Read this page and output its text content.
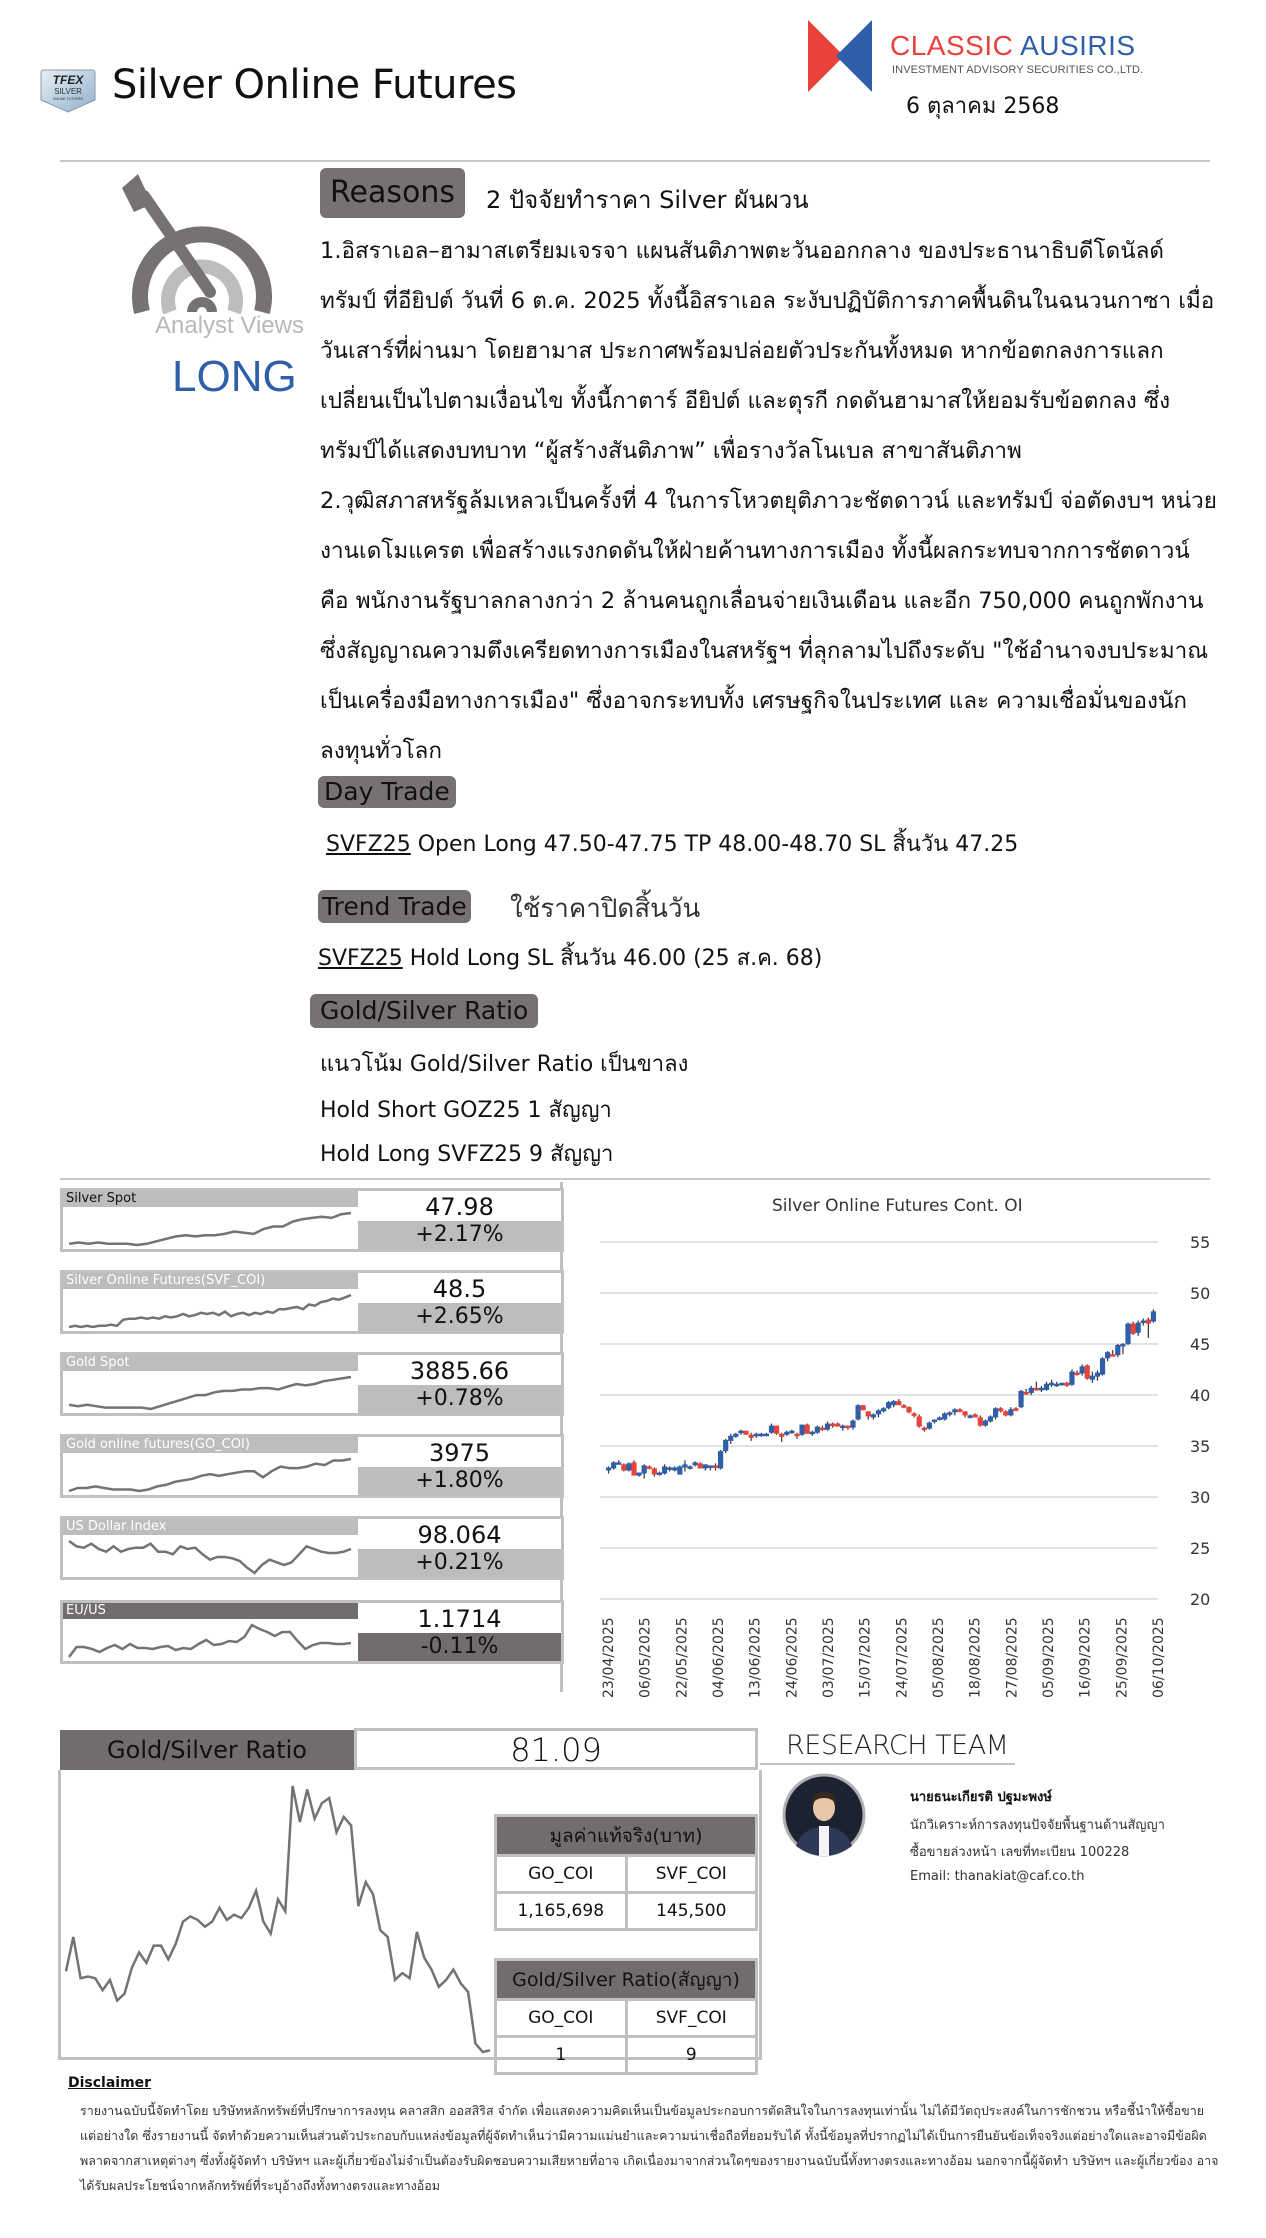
TFEX
SILVER
ONLINE FUTURES Silver Online Futures
CLASSIC AUSIRIS
INVESTMENT ADVISORY SECURITIES CO.,LTD.
6 ตุลาคม 2568
Analyst Views
LONG
Reasons	2 ปัจจัยทำราคา Silver ผันผวน

1.อิสราเอล–ฮามาสเตรียมเจรจา แผนสันติภาพตะวันออกกลาง ของประธานาธิบดีโดนัลด์ ทรัมป์ ที่อียิปต์ วันที่ 6 ต.ค. 2025 ทั้งนี้อิสราเอล ระงับปฏิบัติการภาคพื้นดินในฉนวนกาซา เมื่อวันเสาร์ที่ผ่านมา โดยฮามาส ประกาศพร้อมปล่อยตัวประกันทั้งหมด หากข้อตกลงการแลกเปลี่ยนเป็นไปตามเงื่อนไข ทั้งนี้กาตาร์ อียิปต์ และตุรกี กดดันฮามาสให้ยอมรับข้อตกลง ซึ่งทรัมป์ได้แสดงบทบาท “ผู้สร้างสันติภาพ” เพื่อรางวัลโนเบล สาขาสันติภาพ

2.วุฒิสภาสหรัฐล้มเหลวเป็นครั้งที่ 4 ในการโหวตยุติภาวะชัตดาวน์ และทรัมป์ จ่อตัดงบฯ หน่วยงานเดโมแครต เพื่อสร้างแรงกดดันให้ฝ่ายค้านทางการเมือง ทั้งนี้ผลกระทบจากการชัตดาวน์ คือ พนักงานรัฐบาลกลางกว่า 2 ล้านคนถูกเลื่อนจ่ายเงินเดือน และอีก 750,000 คนถูกพักงาน ซึ่งสัญญาณความตึงเครียดทางการเมืองในสหรัฐฯ ที่ลุกลามไปถึงระดับ "ใช้อำนาจงบประมาณเป็นเครื่องมือทางการเมือง" ซึ่งอาจกระทบทั้ง เศรษฐกิจในประเทศ และ ความเชื่อมั่นของนักลงทุนทั่วโลก

Day Trade
SVFZ25 Open Long 47.50-47.75 TP 48.00-48.70 SL สิ้นวัน 47.25
Trend Trade ใช้ราคาปิดสิ้นวัน
SVFZ25 Hold Long SL สิ้นวัน 46.00 (25 ส.ค. 68)
Gold/Silver Ratio
แนวโน้ม Gold/Silver Ratio เป็นขาลง
Hold Short GOZ25 1 สัญญา
Hold Long SVFZ25 9 สัญญา
Silver Spot	47.98
+2.17%
Silver Online Futures(SVF_COI)	48.5
+2.65%
Gold Spot	3885.66
+0.78%
Gold online futures(GO_COI)	3975
+1.80%
US Dollar Index	98.064
+0.21%
EU/US	1.1714
-0.11%
Silver Online Futures Cont. OI
20
25
30
35
40
45
50
55
23/04/2025 06/05/2025 22/05/2025 04/06/2025 13/06/2025 24/06/2025 03/07/2025 15/07/2025 24/07/2025 05/08/2025 18/08/2025 27/08/2025 05/09/2025 16/09/2025 25/09/2025 06/10/2025
Gold/Silver Ratio	81.09
มูลค่าแท้จริง(บาท)	
GO_COI	SVF_COI
1,165,698	145,500
Gold/Silver Ratio(สัญญา)	
GO_COI	SVF_COI
1	9
RESEARCH TEAM
นายธนะเกียรติ ปฐมะพงษ์
นักวิเคราะห์การลงทุนปัจจัยพื้นฐานด้านสัญญา
ซื้อขายล่วงหน้า เลขที่ทะเบียน 100228
Email: thanakiat@caf.co.th
Disclaimer
รายงานฉบับนี้จัดทำโดย บริษัทหลักทรัพย์ที่ปรึกษาการลงทุน คลาสสิก ออสสิริส จำกัด เพื่อแสดงความคิดเห็นเป็นข้อมูลประกอบการตัดสินใจในการลงทุนเท่านั้น ไม่ได้มีวัตถุประสงค์ในการชักชวน หรือชี้นำให้ซื้อขายแต่อย่างใด ซึ่งรายงานนี้ จัดทำด้วยความเห็นส่วนตัวประกอบกับแหล่งข้อมูลที่ผู้จัดทำเห็นว่ามีความแม่นยำและความน่าเชื่อถือที่ยอมรับได้ ทั้งนี้ข้อมูลที่ปรากฏไม่ได้เป็นการยืนยันข้อเท็จจริงแต่อย่างใดและอาจมีข้อผิดพลาดจากสาเหตุต่างๆ ซึ่งทั้งผู้จัดทำ บริษัทฯ และผู้เกี่ยวข้องไม่จำเป็นต้องรับผิดชอบความเสียหายที่อาจ เกิดเนื่องมาจากส่วนใดๆของรายงานฉบับนี้ทั้งทางตรงและทางอ้อม นอกจากนี้ผู้จัดทำ บริษัทฯ และผู้เกี่ยวข้อง อาจได้รับผลประโยชน์จากหลักทรัพย์ที่ระบุอ้างถึงทั้งทางตรงและทางอ้อม
